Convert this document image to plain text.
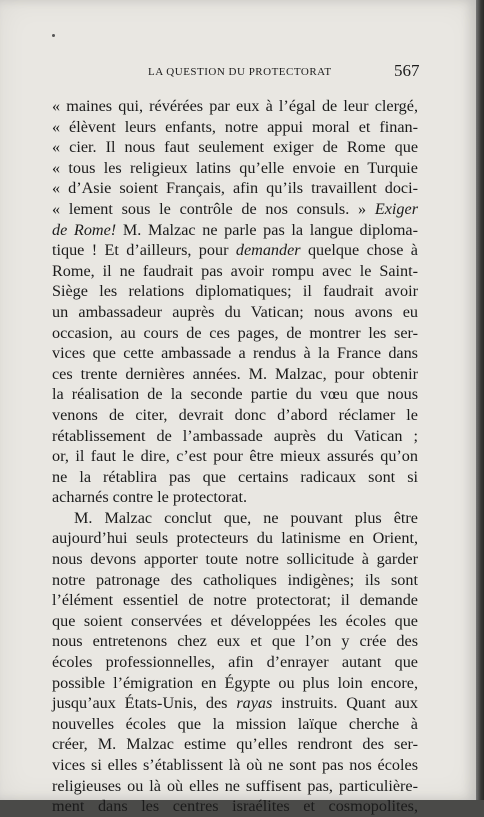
LA QUESTION DU PROTECTORAT	567
« maines qui, révérées par eux à l’égal de leur clergé,
« élèvent leurs enfants, notre appui moral et finan-
« cier. Il nous faut seulement exiger de Rome que
« tous les religieux latins qu’elle envoie en Turquie
« d’Asie soient Français, afin qu’ils travaillent doci-
« lement sous le contrôle de nos consuls. » Exiger
de Rome! M. Malzac ne parle pas la langue diploma-
tique ! Et d’ailleurs, pour demander quelque chose à
Rome, il ne faudrait pas avoir rompu avec le Saint-
Siège les relations diplomatiques; il faudrait avoir
un ambassadeur auprès du Vatican; nous avons eu
occasion, au cours de ces pages, de montrer les ser-
vices que cette ambassade a rendus à la France dans
ces trente dernières années. M. Malzac, pour obtenir
la réalisation de la seconde partie du vœu que nous
venons de citer, devrait donc d’abord réclamer le
rétablissement de l’ambassade auprès du Vatican ;
or, il faut le dire, c’est pour être mieux assurés qu’on
ne la rétablira pas que certains radicaux sont si
acharnés contre le protectorat.
M. Malzac conclut que, ne pouvant plus être
aujourd’hui seuls protecteurs du latinisme en Orient,
nous devons apporter toute notre sollicitude à garder
notre patronage des catholiques indigènes; ils sont
l’élément essentiel de notre protectorat; il demande
que soient conservées et développées les écoles que
nous entretenons chez eux et que l’on y crée des
écoles professionnelles, afin d’enrayer autant que
possible l’émigration en Égypte ou plus loin encore,
jusqu’aux États-Unis, des rayas instruits. Quant aux
nouvelles écoles que la mission laïque cherche à
créer, M. Malzac estime qu’elles rendront des ser-
vices si elles s’établissent là où ne sont pas nos écoles
religieuses ou là où elles ne suffisent pas, particulière-
ment dans les centres israélites et cosmopolites,
